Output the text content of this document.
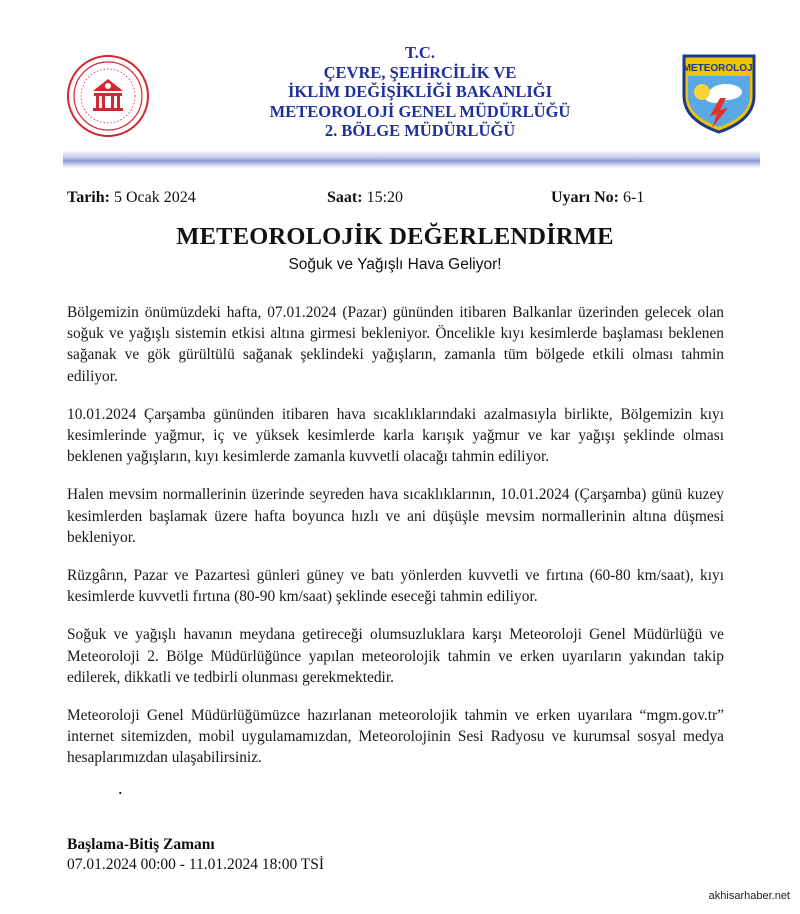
T.C.
ÇEVRE, ŞEHİRCİLİK VE
İKLİM DEĞİŞİKLİĞİ BAKANLIĞI
METEOROLOJİ GENEL MÜDÜRLÜĞÜ
2. BÖLGE MÜDÜRLÜĞÜ
METEOROLOJİ
Tarih: 5 Ocak 2024	Saat: 15:20	Uyarı No: 6-1
METEOROLOJİK DEĞERLENDİRME
Soğuk ve Yağışlı Hava Geliyor!

Bölgemizin önümüzdeki hafta, 07.01.2024 (Pazar) gününden itibaren Balkanlar üzerinden gelecek olan soğuk ve yağışlı sistemin etkisi altına girmesi bekleniyor. Öncelikle kıyı kesimlerde başlaması beklenen sağanak ve gök gürültülü sağanak şeklindeki yağışların, zamanla tüm bölgede etkili olması tahmin ediliyor.

10.01.2024 Çarşamba gününden itibaren hava sıcaklıklarındaki azalmasıyla birlikte, Bölgemizin kıyı kesimlerinde yağmur, iç ve yüksek kesimlerde karla karışık yağmur ve kar yağışı şeklinde olması beklenen yağışların, kıyı kesimlerde zamanla kuvvetli olacağı tahmin ediliyor.

Halen mevsim normallerinin üzerinde seyreden hava sıcaklıklarının, 10.01.2024 (Çarşamba) günü kuzey kesimlerden başlamak üzere hafta boyunca hızlı ve ani düşüşle mevsim normallerinin altına düşmesi bekleniyor.

Rüzgârın, Pazar ve Pazartesi günleri güney ve batı yönlerden kuvvetli ve fırtına (60-80 km/saat), kıyı kesimlerde kuvvetli fırtına (80-90 km/saat) şeklinde eseceği tahmin ediliyor.

Soğuk ve yağışlı havanın meydana getireceği olumsuzluklara karşı Meteoroloji Genel Müdürlüğü ve Meteoroloji 2. Bölge Müdürlüğünce yapılan meteorolojik tahmin ve erken uyarıların yakından takip edilerek, dikkatli ve tedbirli olunması gerekmektedir.

Meteoroloji Genel Müdürlüğümüzce hazırlanan meteorolojik tahmin ve erken uyarılara “mgm.gov.tr” internet sitemizden, mobil uygulamamızdan, Meteorolojinin Sesi Radyosu ve kurumsal sosyal medya hesaplarımızdan ulaşabilirsiniz.

.
Başlama-Bitiş Zamanı
07.01.2024 00:00 - 11.01.2024 18:00 TSİ
akhisarhaber.net
